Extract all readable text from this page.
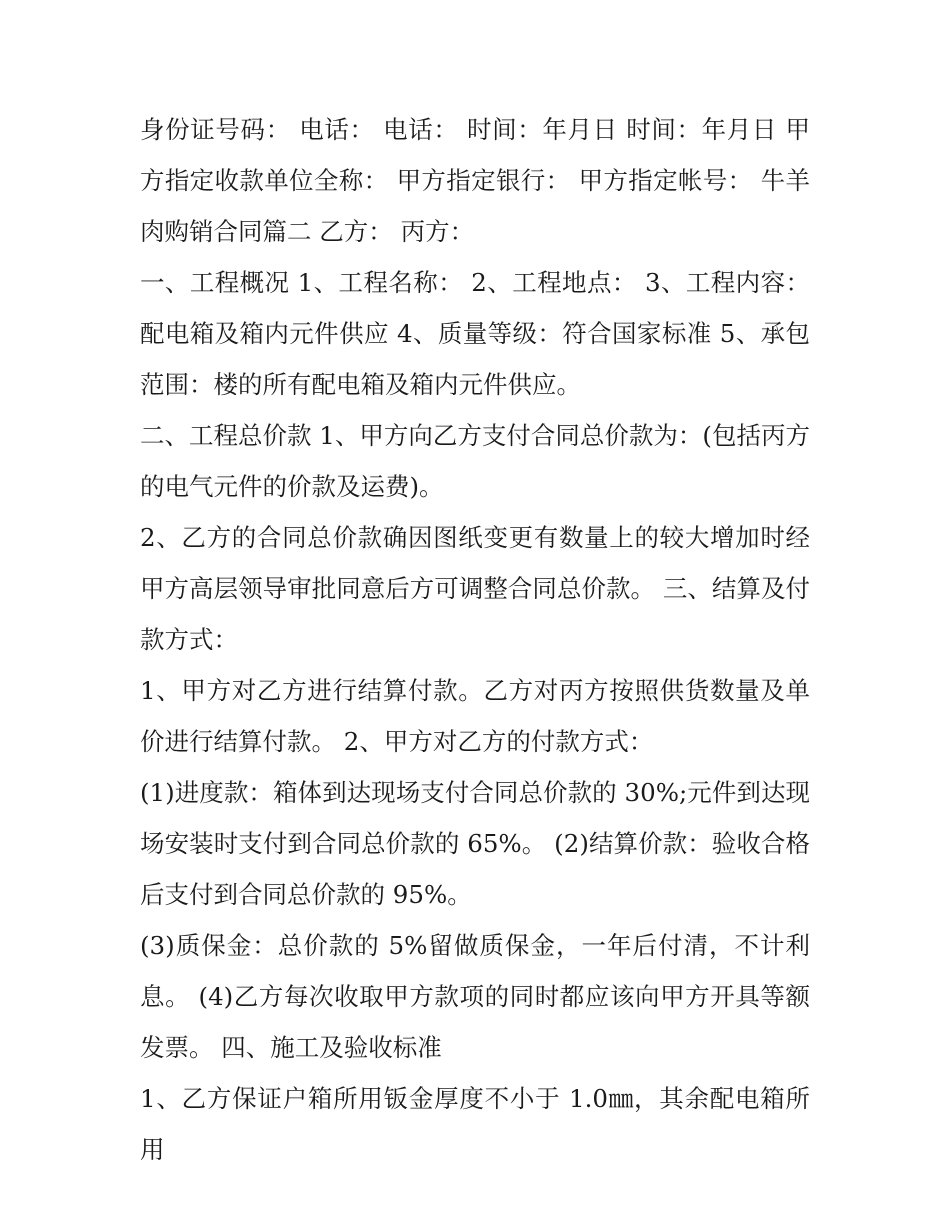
身份证号码： 电话： 电话： 时间：年月日 时间：年月日 甲方指定收款单位全称： 甲方指定银行： 甲方指定帐号： 牛羊肉购销合同篇二 乙方： 丙方：

一、工程概况 1、工程名称： 2、工程地点： 3、工程内容：配电箱及箱内元件供应 4、质量等级：符合国家标准 5、承包范围：楼的所有配电箱及箱内元件供应。

二、工程总价款 1、甲方向乙方支付合同总价款为：(包括丙方的电气元件的价款及运费)。

2、乙方的合同总价款确因图纸变更有数量上的较大增加时经甲方高层领导审批同意后方可调整合同总价款。 三、结算及付款方式：

1、甲方对乙方进行结算付款。乙方对丙方按照供货数量及单价进行结算付款。 2、甲方对乙方的付款方式：

(1)进度款：箱体到达现场支付合同总价款的 30%;元件到达现场安装时支付到合同总价款的 65%。 (2)结算价款：验收合格后支付到合同总价款的 95%。

(3)质保金：总价款的 5%留做质保金，一年后付清，不计利息。 (4)乙方每次收取甲方款项的同时都应该向甲方开具等额发票。 四、施工及验收标准

1、乙方保证户箱所用钣金厚度不小于 1.0㎜，其余配电箱所用
